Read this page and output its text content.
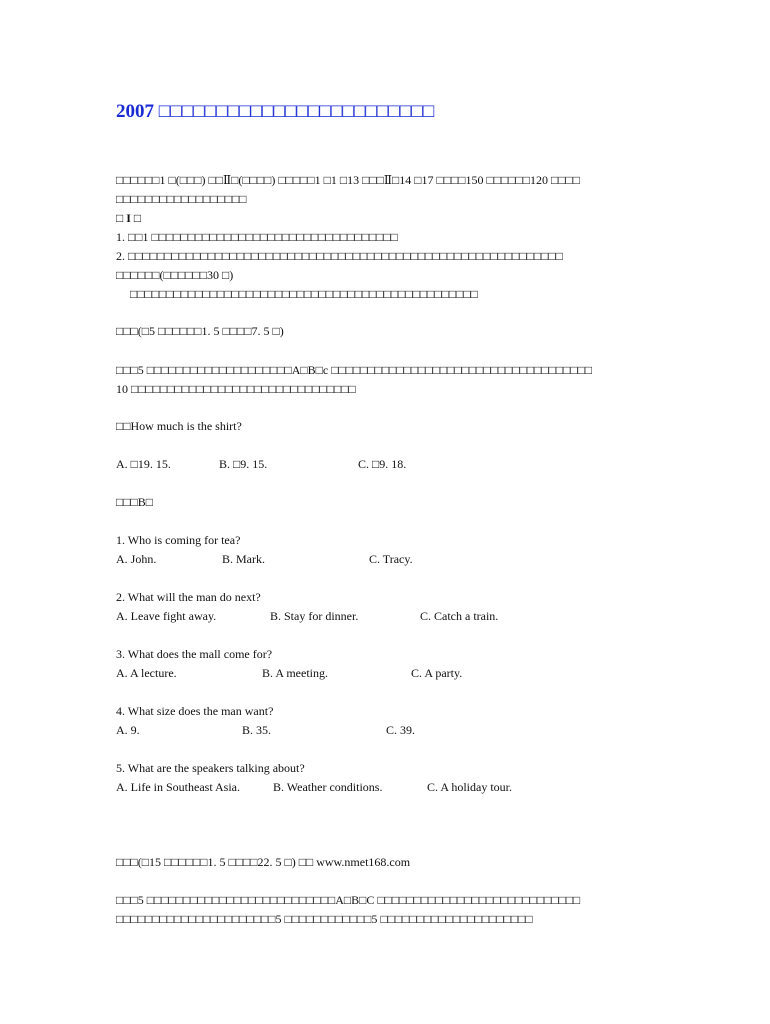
2007 □□□□□□□□□□□□□□□□□□□□□□□□
□□□□□□1 □(□□□) □□Ⅱ□(□□□□) □□□□□1 □1 □13 □□□Ⅱ□14 □17 □□□□150 □□□□□□120 □□□□
□□□□□□□□□□□□□□□□□□
□ I □
1. □□1 □□□□□□□□□□□□□□□□□□□□□□□□□□□□□□□□□□
2. □□□□□□□□□□□□□□□□□□□□□□□□□□□□□□□□□□□□□□□□□□□□□□□□□□□□□□□□□□□□
□□□□□□(□□□□□□30 □)
□□□□□□□□□□□□□□□□□□□□□□□□□□□□□□□□□□□□□□□□□□□□□□□□
□□□(□5 □□□□□□1. 5 □□□□7. 5 □)
□□□5 □□□□□□□□□□□□□□□□□□□□A□B□c □□□□□□□□□□□□□□□□□□□□□□□□□□□□□□□□□□□□
10 □□□□□□□□□□□□□□□□□□□□□□□□□□□□□□□
□□How much is the shirt?
A. □19. 15.	B. □9. 15.	C. □9. 18.
□□□B□
1. Who is coming for tea?
A. John.	B. Mark.	C. Tracy.
2. What will the man do next?
A. Leave fight away.	B. Stay for dinner.	C. Catch a train.
3. What does the mall come for?
A. A lecture.	B. A meeting.	C. A party.
4. What size does the man want?
A. 9.	B. 35.	C. 39.
5. What are the speakers talking about?
A. Life in Southeast Asia.	B. Weather conditions.	C. A holiday tour.
□□□(□15 □□□□□□1. 5 □□□□22. 5 □) □□ www.nmet168.com
□□□5 □□□□□□□□□□□□□□□□□□□□□□□□□□A□B□C □□□□□□□□□□□□□□□□□□□□□□□□□□□□
□□□□□□□□□□□□□□□□□□□□□□5 □□□□□□□□□□□□5 □□□□□□□□□□□□□□□□□□□□□
